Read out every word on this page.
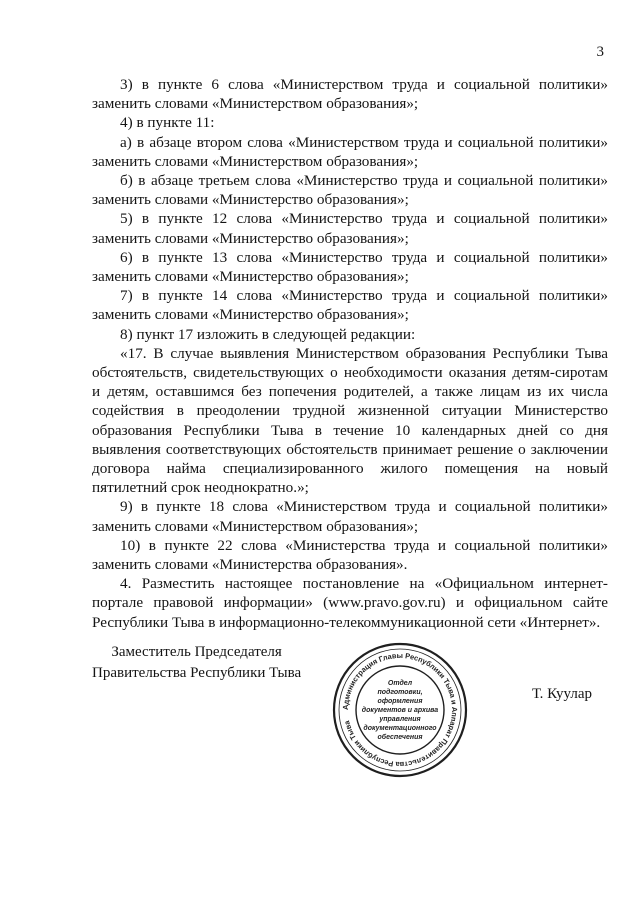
3

3) в пункте 6 слова «Министерством труда и социальной политики» заменить словами «Министерством образования»;

4) в пункте 11:

а) в абзаце втором слова «Министерством труда и социальной политики» заменить словами «Министерством образования»;

б) в абзаце третьем слова «Министерство труда и социальной политики» заменить словами «Министерство образования»;

5) в пункте 12 слова «Министерство труда и социальной политики» заменить словами «Министерство образования»;

6) в пункте 13 слова «Министерство труда и социальной политики» заменить словами «Министерство образования»;

7) в пункте 14 слова «Министерство труда и социальной политики» заменить словами «Министерство образования»;

8) пункт 17 изложить в следующей редакции:

«17. В случае выявления Министерством образования Республики Тыва обстоятельств, свидетельствующих о необходимости оказания детям-сиротам и детям, оставшимся без попечения родителей, а также лицам из их числа содействия в преодолении трудной жизненной ситуации Министерство образования Республики Тыва в течение 10 календарных дней со дня выявления соответствующих обстоятельств принимает решение о заключении договора найма специализированного жилого помещения на новый пятилетний срок неоднократно.»;

9) в пункте 18 слова «Министерством труда и социальной политики» заменить словами «Министерством образования»;

10) в пункте 22 слова «Министерства труда и социальной политики» заменить словами «Министерства образования».

4. Разместить настоящее постановление на «Официальном интернет-портале правовой информации» (www.pravo.gov.ru) и официальном сайте Республики Тыва в информационно-телекоммуникационной сети «Интернет».

Заместитель Председателя
Правительства Республики Тыва
Администрация Главы Республики Тыва и Аппарат Правительства Республики Тыва
Отдел
подготовки,
оформления
документов и архива
управления
документационного
обеспечения
Т. Куулар
